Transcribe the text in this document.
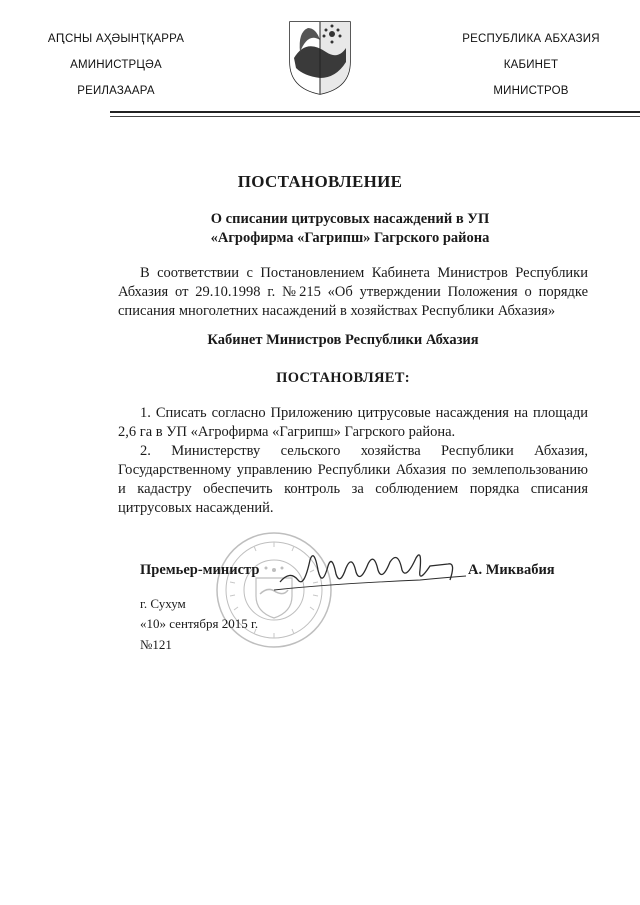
АԤСНЫ АҲӘЫНҬҚАРРА
АМИНИСТРЦӘА
РЕИЛАЗААРА
РЕСПУБЛИКА АБХАЗИЯ
КАБИНЕТ
МИНИСТРОВ
ПОСТАНОВЛЕНИЕ
О списании цитрусовых насаждений в УП
«Агрофирма «Гагрипш» Гагрского района
В соответствии с Постановлением Кабинета Министров Республики Абхазия от 29.10.1998 г. №215 «Об утверждении Положения о порядке списания многолетних насаждений в хозяйствах Республики Абхазия»
Кабинет Министров Республики Абхазия
ПОСТАНОВЛЯЕТ:
1. Списать согласно Приложению цитрусовые насаждения на площади 2,6 га в УП «Агрофирма «Гагрипш» Гагрского района.
2. Министерству сельского хозяйства Республики Абхазия, Государственному управлению Республики Абхазия по землепользованию и кадастру обеспечить контроль за соблюдением порядка списания цитрусовых насаждений.
Премьер-министр	А. Миквабия
г. Сухум
«10» сентября 2015 г.
№121
